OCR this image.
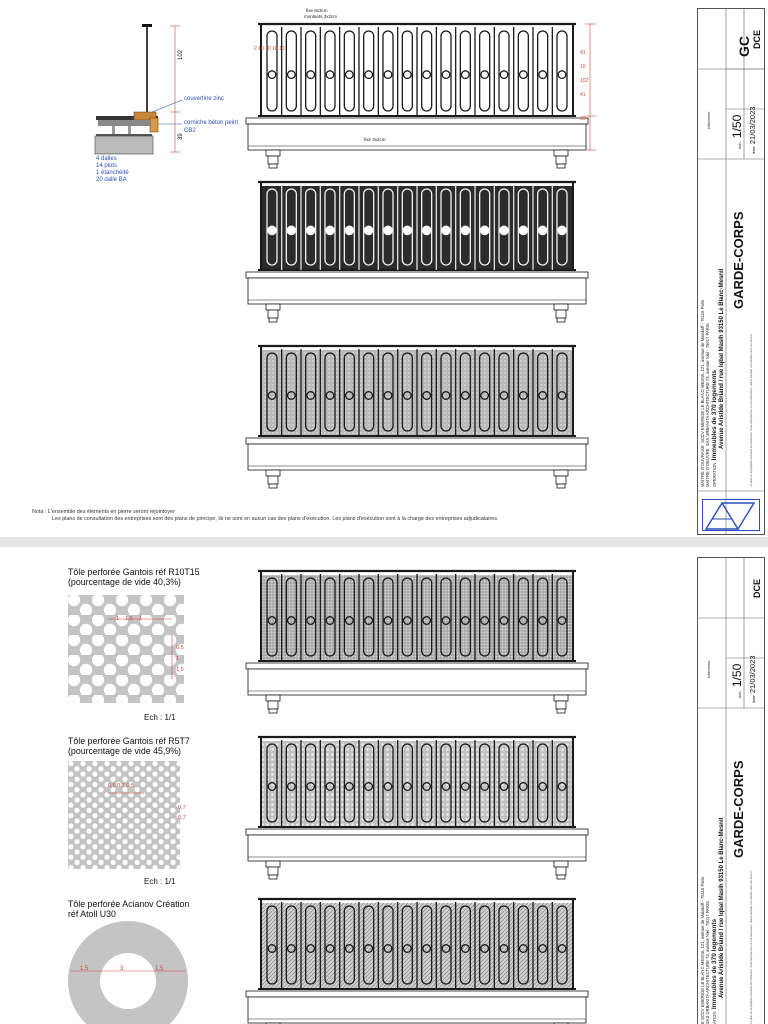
102
39
couvertine zinc
corniche béton peint
CB2
4 dalles
14 plots
1 étanchéité
20 dalle BA
fixe 8x3cm
montants 3x2cm
fixe 3x2cm
2 10 10 10 10
41
10
102
41
39
Nota : L'ensemble des éléments en pierre seront rejointoyer
Les plans de consultation des entreprises sont des plans de principe, ils ne sont en aucun cas des plans d'exécution. Les plans d'exécution sont à la charge des entreprises adjudicataires.
GC DCE
éch. 1/50
date 21/03/2023
bâtiments
MAÎTRE D'OUVRAGE  SCCV EMERIGE LE BLANC-MESNIL 121, avenue de Malakoff - 75116 Paris
MAÎTRE D'OEUVRE  SAS URBANITA ARCHITECTURE 73, avenue Niel - 75017 PARIS
OPERATION  Immeubles de 370 logements Avenue Aristide Briand / rue Iqbal Masih 93150 Le Blanc-Mesnil
GARDE-CORPS
Ce plan est la propriété exclusive de l'architecte. Toute reproduction ou communication, même partielle, est interdite sans son accord.
Tôle perforée Gantois réf R10T15
(pourcentage de vide 40,3%)
1 1,5 1
0,5
1
1,5
Ech : 1/1
Tôle perforée Gantois réf R5T7
(pourcentage de vide 45,9%)
0,5 0,7 0,5
0,7
0,7
Ech : 1/1
Tôle perforée Acianov Création
réf Atoll U30
1,5	3	1,5
DCE
éch. 1/50
date 21/03/2023
bâtiments
E SCCV EMERIGE LE BLANC-MESNIL 121, avenue de Malakoff - 75116 Paris SAS URBANITA ARCHITECTURE 73, avenue Niel - 75017 PARIS ATION  Immeubles de 370 logements Avenue Aristide Briand / rue Iqbal Masih 93150 Le Blanc-Mesnil
GARDE-CORPS
Ce plan est la propriété exclusive de l'architecte. Toute reproduction ou communication, même partielle, est interdite sans son accord.
